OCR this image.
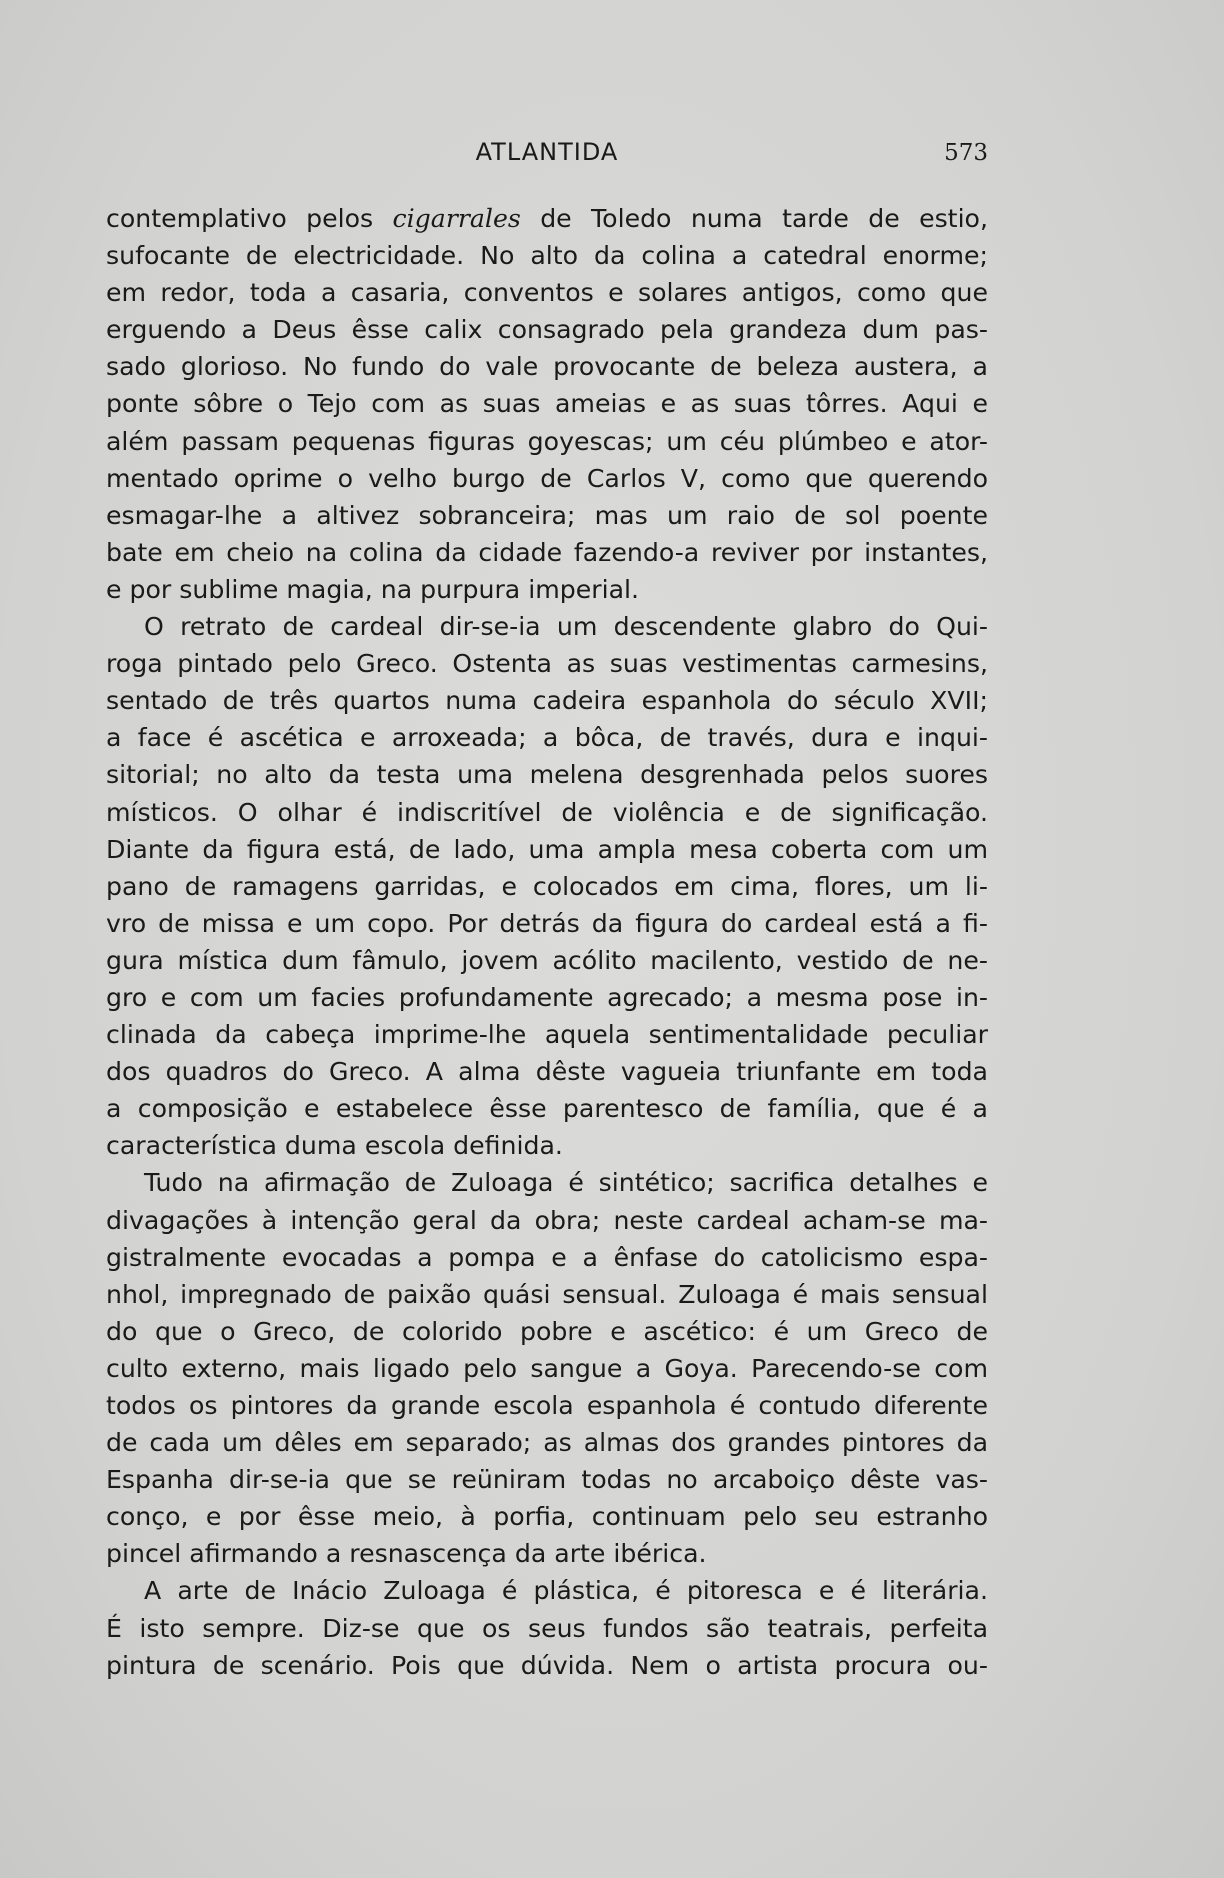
ATLANTIDA	573
contemplativo pelos cigarrales de Toledo numa tarde de estio,
sufocante de electricidade. No alto da colina a catedral enorme;
em redor, toda a casaria, conventos e solares antigos, como que
erguendo a Deus êsse calix consagrado pela grandeza dum pas-
sado glorioso. No fundo do vale provocante de beleza austera, a
ponte sôbre o Tejo com as suas ameias e as suas tôrres. Aqui e
além passam pequenas figuras goyescas; um céu plúmbeo e ator-
mentado oprime o velho burgo de Carlos V, como que querendo
esmagar-lhe a altivez sobranceira; mas um raio de sol poente
bate em cheio na colina da cidade fazendo-a reviver por instantes,
e por sublime magia, na purpura imperial.
O retrato de cardeal dir-se-ia um descendente glabro do Qui-
roga pintado pelo Greco. Ostenta as suas vestimentas carmesins,
sentado de três quartos numa cadeira espanhola do século XVII;
a face é ascética e arroxeada; a bôca, de través, dura e inqui-
sitorial; no alto da testa uma melena desgrenhada pelos suores
místicos. O olhar é indiscritível de violência e de significação.
Diante da figura está, de lado, uma ampla mesa coberta com um
pano de ramagens garridas, e colocados em cima, flores, um li-
vro de missa e um copo. Por detrás da figura do cardeal está a fi-
gura mística dum fâmulo, jovem acólito macilento, vestido de ne-
gro e com um facies profundamente agrecado; a mesma pose in-
clinada da cabeça imprime-lhe aquela sentimentalidade peculiar
dos quadros do Greco. A alma dêste vagueia triunfante em toda
a composição e estabelece êsse parentesco de família, que é a
característica duma escola definida.
Tudo na afirmação de Zuloaga é sintético; sacrifica detalhes e
divagações à intenção geral da obra; neste cardeal acham-se ma-
gistralmente evocadas a pompa e a ênfase do catolicismo espa-
nhol, impregnado de paixão quási sensual. Zuloaga é mais sensual
do que o Greco, de colorido pobre e ascético: é um Greco de
culto externo, mais ligado pelo sangue a Goya. Parecendo-se com
todos os pintores da grande escola espanhola é contudo diferente
de cada um dêles em separado; as almas dos grandes pintores da
Espanha dir-se-ia que se reüniram todas no arcaboiço dêste vas-
conço, e por êsse meio, à porfia, continuam pelo seu estranho
pincel afirmando a resnascença da arte ibérica.
A arte de Inácio Zuloaga é plástica, é pitoresca e é literária.
É isto sempre. Diz-se que os seus fundos são teatrais, perfeita
pintura de scenário. Pois que dúvida. Nem o artista procura ou-
